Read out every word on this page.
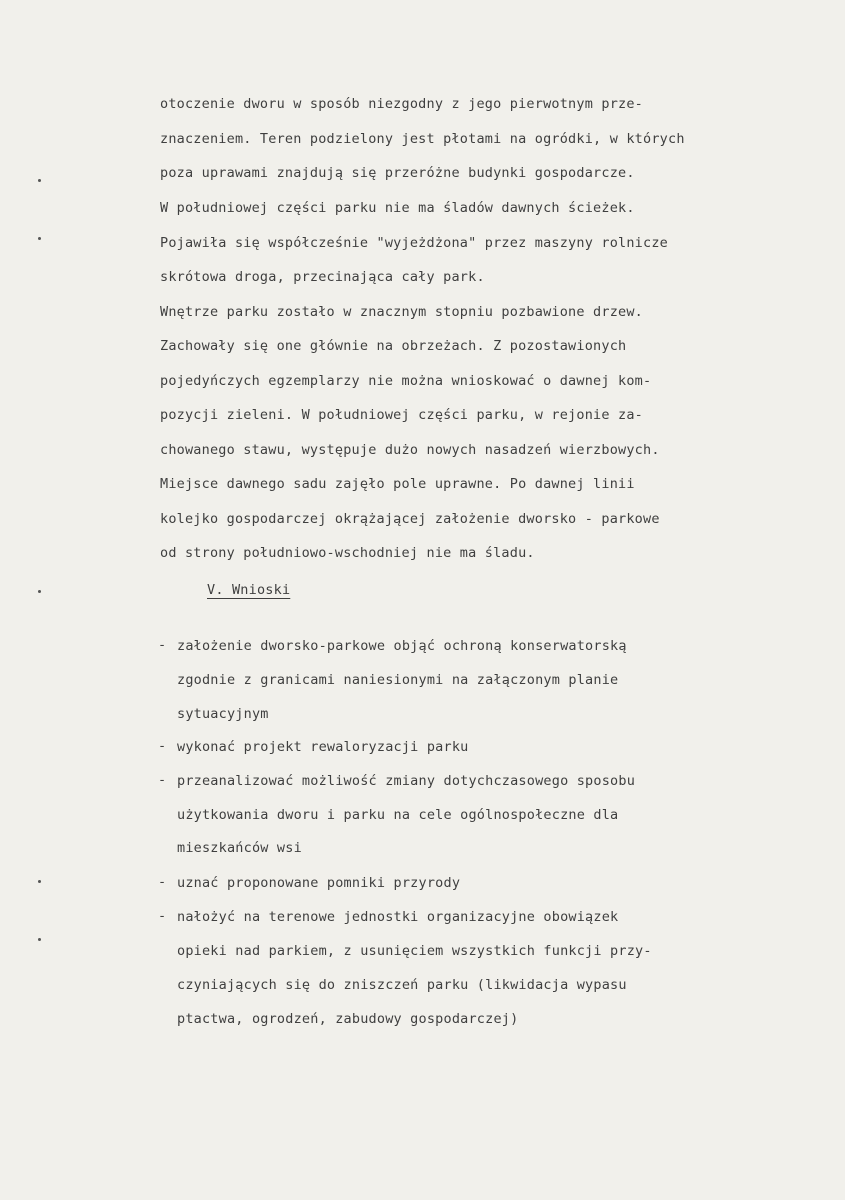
otoczenie dworu w sposób niezgodny z jego pierwotnym prze-
znaczeniem. Teren podzielony jest płotami na ogródki, w których
poza uprawami znajdują się przeróżne budynki gospodarcze.
W południowej części parku nie ma śladów dawnych ścieżek.
Pojawiła się współcześnie "wyjeżdżona" przez maszyny rolnicze
skrótowa droga, przecinająca cały park.
Wnętrze parku zostało w znacznym stopniu pozbawione drzew.
Zachowały się one głównie na obrzeżach. Z pozostawionych
pojedyńczych egzemplarzy nie można wnioskować o dawnej kom-
pozycji zieleni. W południowej części parku, w rejonie za-
chowanego stawu, występuje dużo nowych nasadzeń wierzbowych.
Miejsce dawnego sadu zajęło pole uprawne. Po dawnej linii
kolejko gospodarczej okrążającej założenie dworsko - parkowe
od strony południowo-wschodniej nie ma śladu.
V. Wnioski
- założenie dworsko-parkowe objąć ochroną konserwatorską
zgodnie z granicami naniesionymi na załączonym planie
sytuacyjnym
- wykonać projekt rewaloryzacji parku
- przeanalizować możliwość zmiany dotychczasowego sposobu
użytkowania dworu i parku na cele ogólnospołeczne dla
mieszkańców wsi
- uznać proponowane pomniki przyrody
- nałożyć na terenowe jednostki organizacyjne obowiązek
opieki nad parkiem, z usunięciem wszystkich funkcji przy-
czyniających się do zniszczeń parku (likwidacja wypasu
ptactwa, ogrodzeń, zabudowy gospodarczej)
